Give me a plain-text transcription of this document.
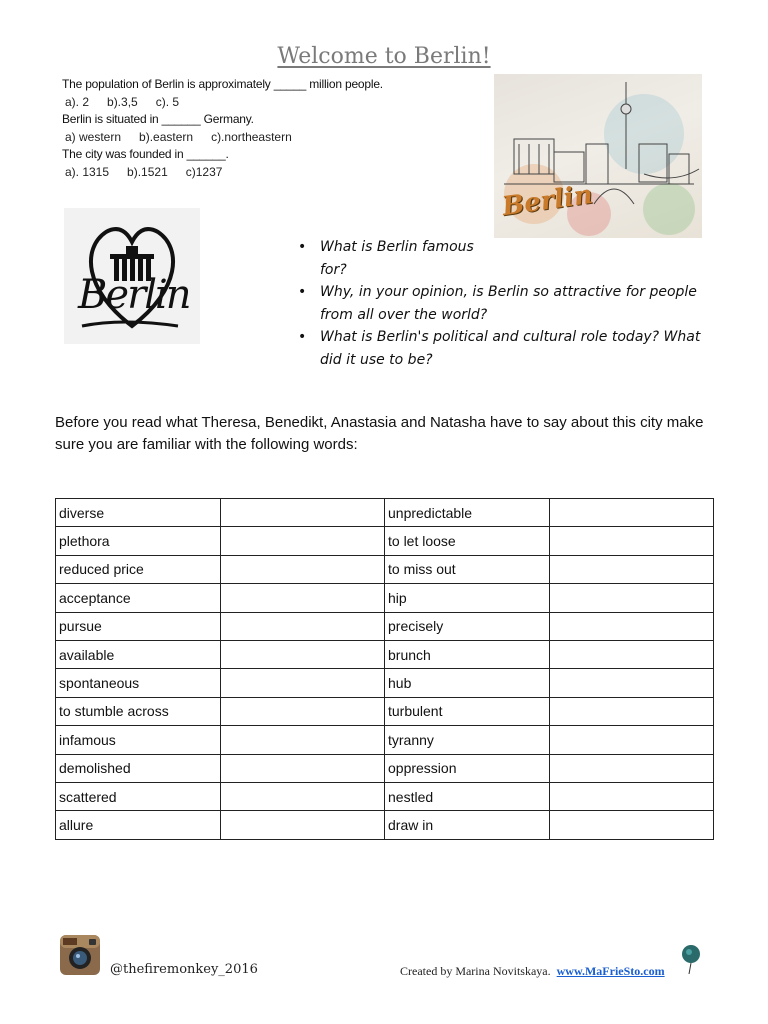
Welcome to Berlin!
The population of Berlin is approximately _____ million people.
a). 2 b).3,5 c). 5
Berlin is situated in ______ Germany.
a) western b).eastern c).northeastern
The city was founded in ______.
a). 1315 b).1521 c)1237
Berlin
Berlin
• What is Berlin famous
for?
• Why, in your opinion, is Berlin so attractive for people from all over the world?
• What is Berlin's political and cultural role today? What did it use to be?
Before you read what Theresa, Benedikt, Anastasia and Natasha have to say about this city make sure you are familiar with the following words:
diverse		unpredictable	
plethora		to let loose	
reduced price		to miss out	
acceptance		hip	
pursue		precisely	
available		brunch	
spontaneous		hub	
to stumble across		turbulent	
infamous		tyranny	
demolished		oppression	
scattered		nestled	
allure		draw in	
@thefiremonkey_2016	Created by Marina Novitskaya. www.MaFrieSto.com
